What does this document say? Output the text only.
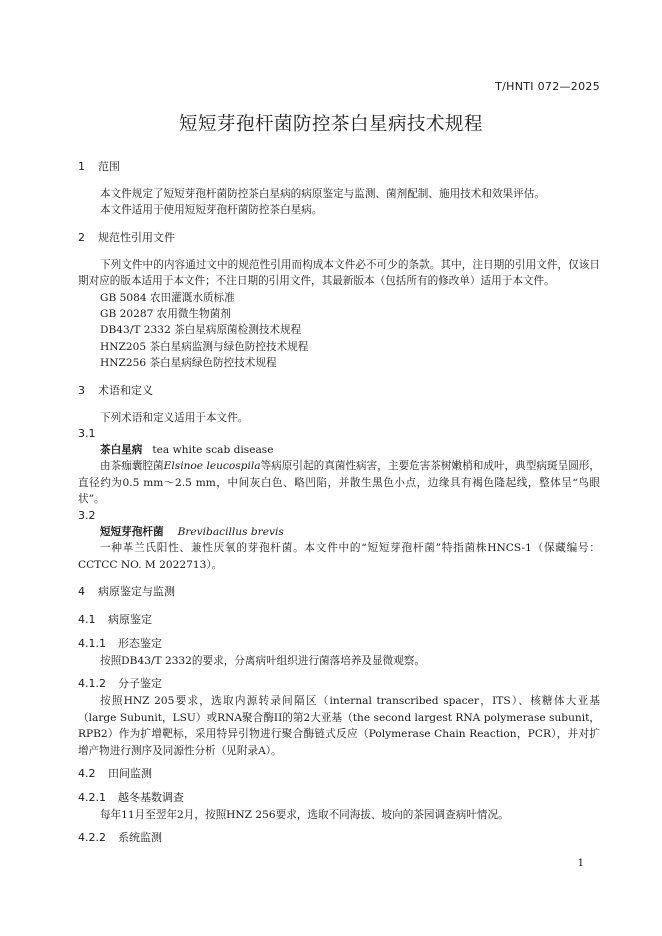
T/HNTI 072—2025
短短芽孢杆菌防控茶白星病技术规程
1 范围

本文件规定了短短芽孢杆菌防控茶白星病的病原鉴定与监测、菌剂配制、施用技术和效果评估。

本文件适用于使用短短芽孢杆菌防控茶白星病。

2 规范性引用文件

下列文件中的内容通过文中的规范性引用而构成本文件必不可少的条款。其中，注日期的引用文件，仅该日期对应的版本适用于本文件；不注日期的引用文件，其最新版本（包括所有的修改单）适用于本文件。

GB 5084 农田灌溉水质标准

GB 20287 农用微生物菌剂

DB43/T 2332 茶白星病原菌检测技术规程

HNZ205 茶白星病监测与绿色防控技术规程

HNZ256 茶白星病绿色防控技术规程

3 术语和定义

下列术语和定义适用于本文件。

3.1
茶白星病 tea white scab disease

由茶痂囊腔菌Elsinoe leucospila等病原引起的真菌性病害，主要危害茶树嫩梢和成叶，典型病斑呈圆形，直径约为0.5 mm～2.5 mm，中间灰白色、略凹陷，并散生黑色小点，边缘具有褐色隆起线，整体呈“鸟眼状”。

3.2
短短芽孢杆菌 Brevibacillus brevis

一种革兰氏阳性、兼性厌氧的芽孢杆菌。本文件中的“短短芽孢杆菌”特指菌株HNCS-1（保藏编号：CCTCC NO. M 2022713）。

4 病原鉴定与监测
4.1 病原鉴定
4.1.1 形态鉴定

按照DB43/T 2332的要求，分离病叶组织进行菌落培养及显微观察。

4.1.2 分子鉴定

按照HNZ 205要求，选取内源转录间隔区（internal transcribed spacer，ITS）、核糖体大亚基（large Subunit，LSU）或RNA聚合酶II的第2大亚基（the second largest RNA polymerase subunit，RPB2）作为扩增靶标，采用特异引物进行聚合酶链式反应（Polymerase Chain Reaction，PCR），并对扩增产物进行测序及同源性分析（见附录A）。

4.2 田间监测
4.2.1 越冬基数调查

每年11月至翌年2月，按照HNZ 256要求，选取不同海拔、坡向的茶园调查病叶情况。

4.2.2 系统监测
1
